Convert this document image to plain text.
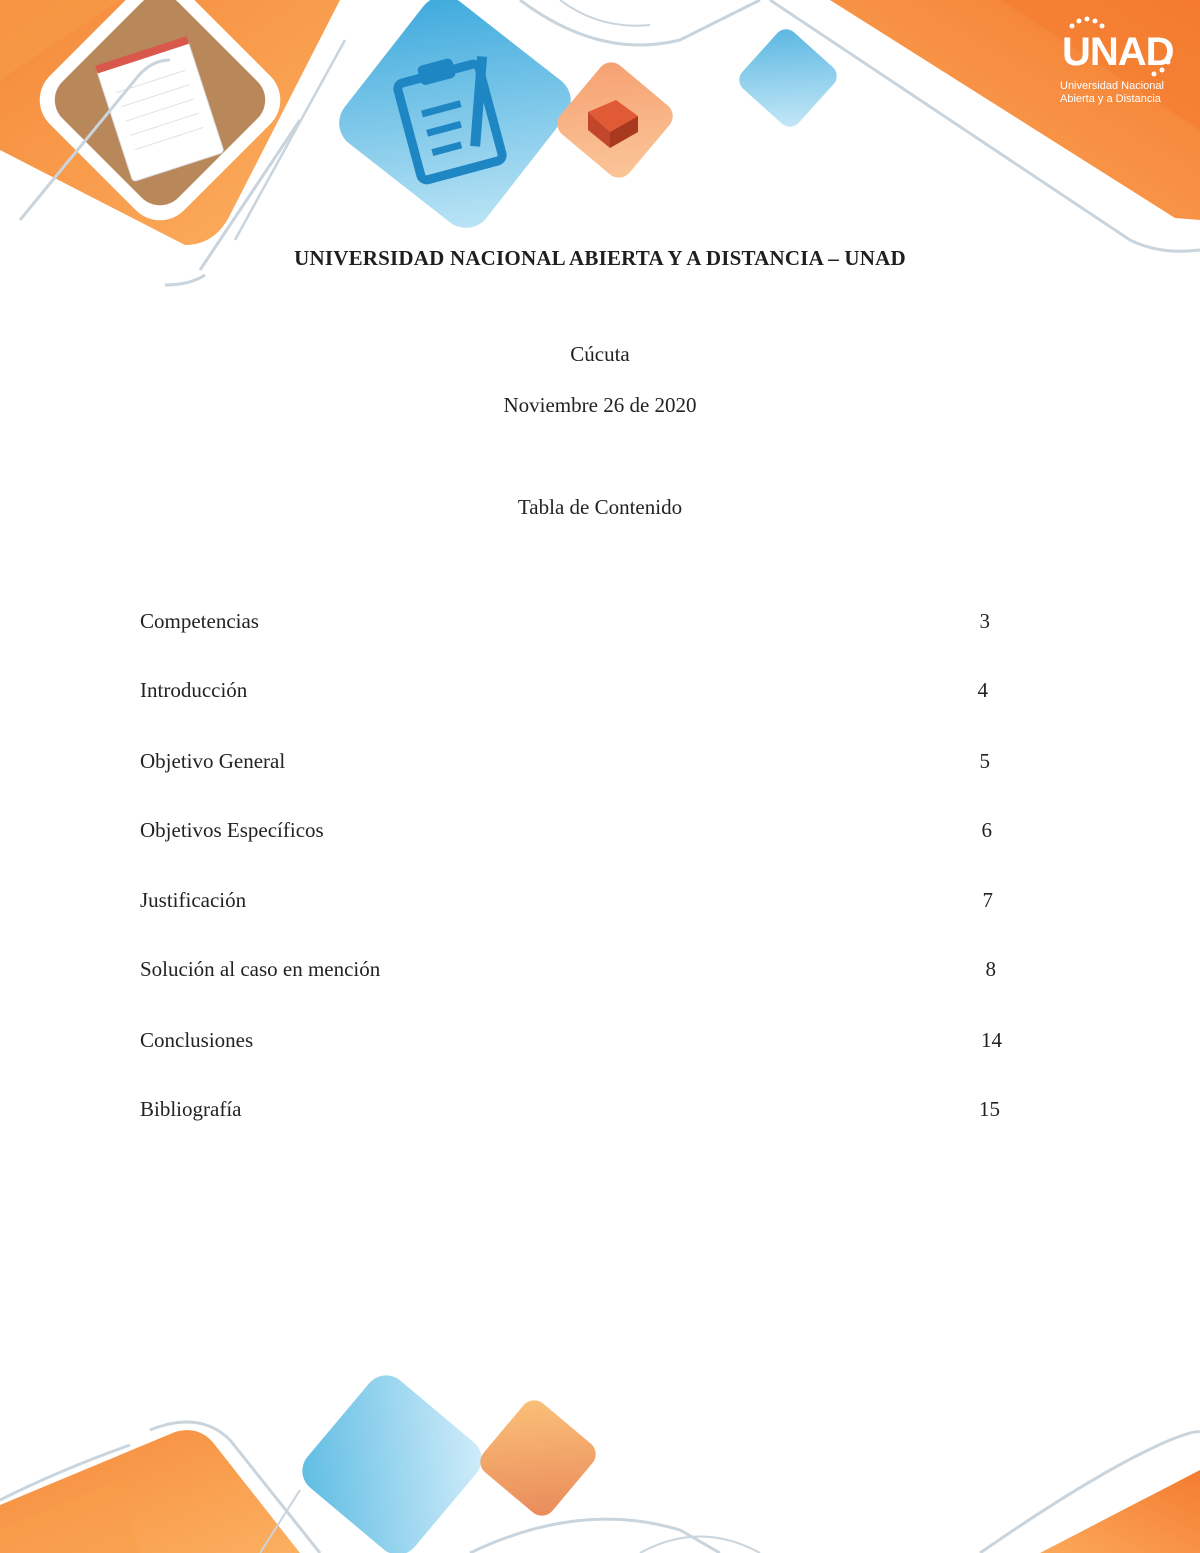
UNAD
Universidad Nacional
Abierta y a Distancia
UNIVERSIDAD NACIONAL ABIERTA Y A DISTANCIA – UNAD
Cúcuta
Noviembre 26 de 2020
Tabla de Contenido
Competencias	3
Introducción	4
Objetivo General	5
Objetivos Específicos	6
Justificación	7
Solución al caso en mención	8
Conclusiones	14
Bibliografía	15
